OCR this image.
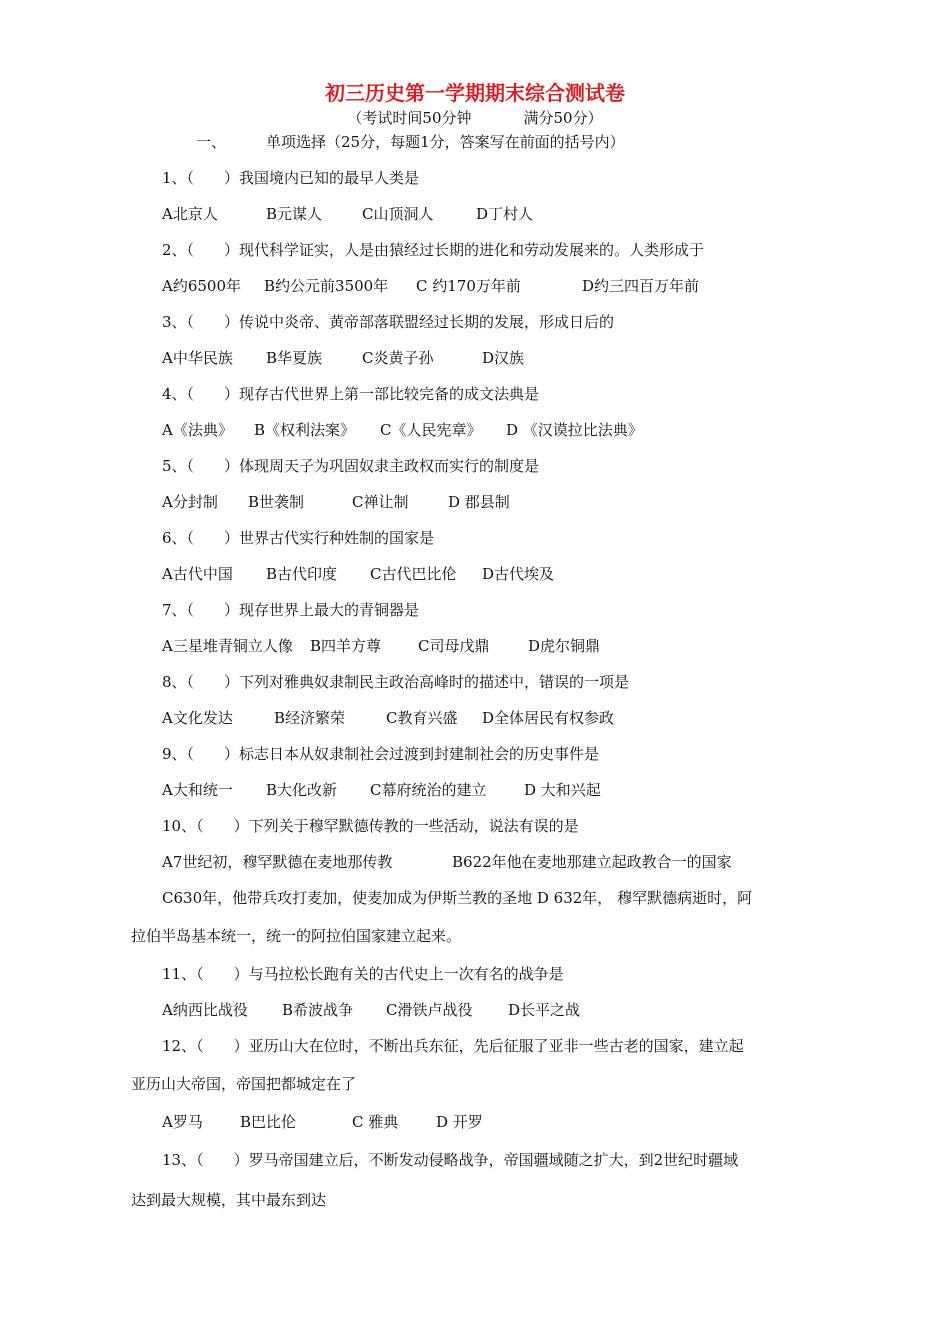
初三历史第一学期期末综合测试卷
（考试时间50分钟	满分50分）
一、	单项选择（25分，每题1分，答案写在前面的括号内）
1、（　　）我国境内已知的最早人类是
A北京人	B元谋人	C山顶洞人	D丁村人
2、（　　）现代科学证实，人是由猿经过长期的进化和劳动发展来的。人类形成于
A约6500年 B约公元前3500年 C 约170万年前	D约三四百万年前
3、（　　）传说中炎帝、黄帝部落联盟经过长期的发展，形成日后的
A中华民族 B华夏族	C炎黄子孙	D汉族
4、（　　）现存古代世界上第一部比较完备的成文法典是
A《法典》 B《权利法案》 C《人民宪章》 D 《汉谟拉比法典》
5、（　　）体现周天子为巩固奴隶主政权而实行的制度是
A分封制 B世袭制	C禅让制	D 郡县制
6、（　　）世界古代实行种姓制的国家是
A古代中国 B古代印度 C古代巴比伦 D古代埃及
7、（　　）现存世界上最大的青铜器是
A三星堆青铜立人像 B四羊方尊 C司母戊鼎	D虎尔铜鼎
8、（　　）下列对雅典奴隶制民主政治高峰时的描述中，错误的一项是
A文化发达	B经济繁荣	C教育兴盛 D全体居民有权参政
9、（　　）标志日本从奴隶制社会过渡到封建制社会的历史事件是
A大和统一 B大化改新 C幕府统治的建立	D 大和兴起
10、（　　）下列关于穆罕默德传教的一些活动，说法有误的是
A7世纪初，穆罕默德在麦地那传教	B622年他在麦地那建立起政教合一的国家
C630年，他带兵攻打麦加，使麦加成为伊斯兰教的圣地 D 632年， 穆罕默德病逝时，阿
拉伯半岛基本统一，统一的阿拉伯国家建立起来。
11、（　　）与马拉松长跑有关的古代史上一次有名的战争是
A纳西比战役 B希波战争 C滑铁卢战役 D长平之战
12、（　　）亚历山大在位时，不断出兵东征，先后征服了亚非一些古老的国家，建立起
亚历山大帝国，帝国把都城定在了
A罗马 B巴比伦	C 雅典	D 开罗
13、（　　）罗马帝国建立后，不断发动侵略战争，帝国疆域随之扩大，到2世纪时疆域
达到最大规模，其中最东到达
